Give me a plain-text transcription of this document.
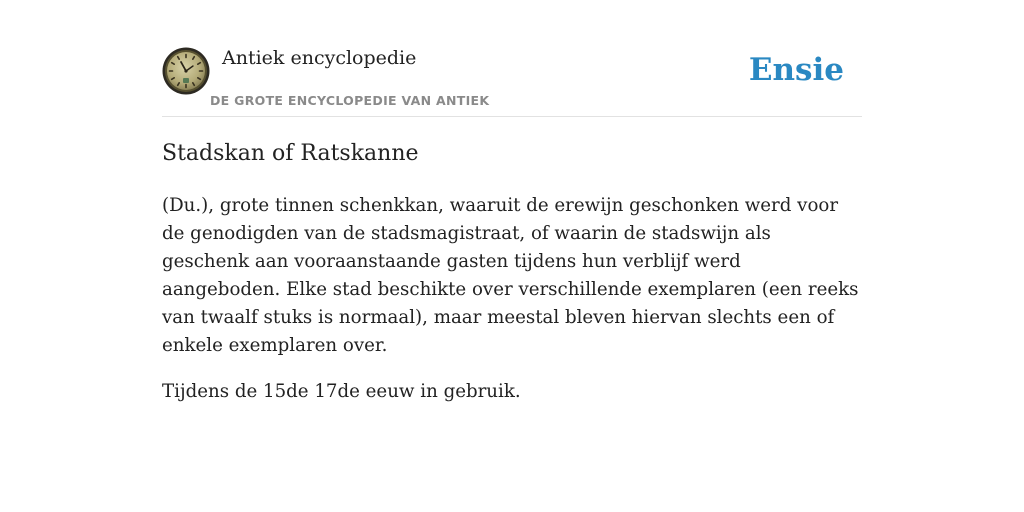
Antiek encyclopedie
DE GROTE ENCYCLOPEDIE VAN ANTIEK
Ensie
Stadskan of Ratskanne

(Du.), grote tinnen schenkkan, waaruit de erewijn geschonken werd voor de genodigden van de stadsmagistraat, of waarin de stadswijn als geschenk aan vooraanstaande gasten tijdens hun verblijf werd aangeboden. Elke stad beschikte over verschillende exemplaren (een reeks van twaalf stuks is normaal), maar meestal bleven hiervan slechts een of enkele exemplaren over.

Tijdens de 15de 17de eeuw in gebruik.
